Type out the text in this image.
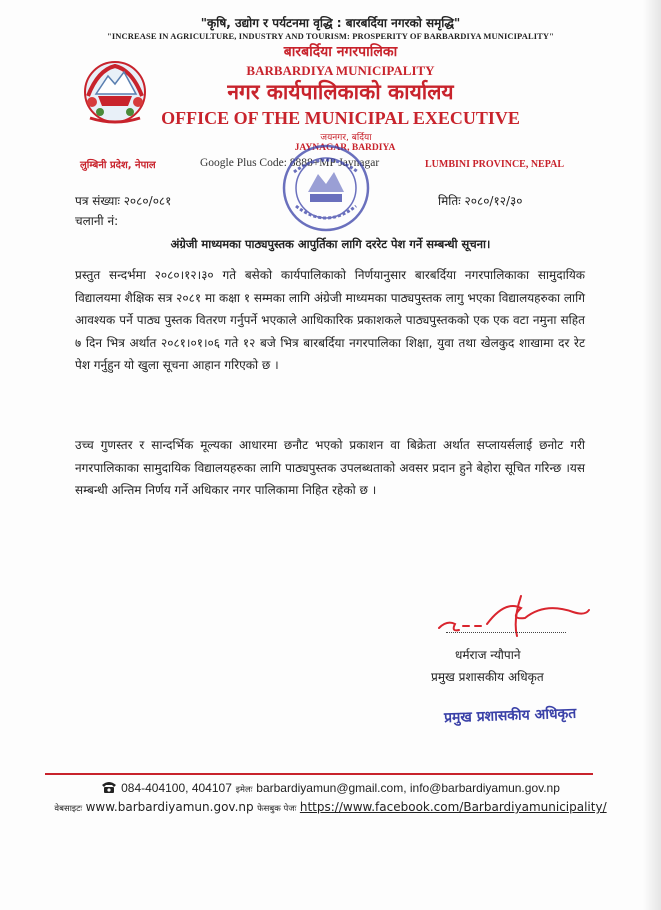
"कृषि, उद्योग र पर्यटनमा वृद्धि : बारबर्दिया नगरको समृद्धि"
"INCREASE IN AGRICULTURE, INDUSTRY AND TOURISM: PROSPERITY OF BARBARDIYA MUNICIPALITY"
बारबर्दिया नगरपालिका
BARBARDIYA MUNICIPALITY
नगर कार्यपालिकाको कार्यालय
OFFICE OF THE MUNICIPAL EXECUTIVE
जयनगर, बर्दिया
JAYNAGAR, BARDIYA
लुम्बिनी प्रदेश, नेपाल	Google Plus Code: 8888+MP Jaynagar	LUMBINI PROVINCE, NEPAL
पत्र संख्याः २०८०/०८१	मितिः २०८०/१२/३०
चलानी नं:
अंग्रेजी माध्यमका पाठ्यपुस्तक आपुर्तिका लागि दररेट पेश गर्ने सम्बन्धी सूचना।

प्रस्तुत सन्दर्भमा २०८०।१२।३० गते बसेको कार्यपालिकाको निर्णयानुसार बारबर्दिया नगरपालिकाका सामुदायिक विद्यालयमा शैक्षिक सत्र २०८१ मा कक्षा १ सम्मका लागि अंग्रेजी माध्यमका पाठ्यपुस्तक लागु भएका विद्यालयहरुका लागि आवश्यक पर्ने पाठ्य पुस्तक वितरण गर्नुपर्ने भएकाले आधिकारिक प्रकाशकले पाठ्यपुस्तकको एक एक वटा नमुना सहित ७ दिन भित्र अर्थात २०८१।०१।०६ गते १२ बजे भित्र बारबर्दिया नगरपालिका शिक्षा, युवा तथा खेलकुद शाखामा दर रेट पेश गर्नुहुन यो खुला सूचना आहान गरिएको छ ।

उच्च गुणस्तर र सान्दर्भिक मूल्यका आधारमा छनौट भएको प्रकाशन वा बिक्रेता अर्थात सप्लायर्सलाई छनोट गरी नगरपालिकाका सामुदायिक विद्यालयहरुका लागि पाठ्यपुस्तक उपलब्धताको अवसर प्रदान हुने बेहोरा सूचित गरिन्छ ।यस सम्बन्धी अन्तिम निर्णय गर्ने अधिकार नगर पालिकामा निहित रहेको छ ।

धर्मराज न्यौपाने
प्रमुख प्रशासकीय अधिकृत
प्रमुख प्रशासकीय अधिकृत
084-404100, 404107 इमेलः barbardiyamun@gmail.com, info@barbardiyamun.gov.np
वेबसाइटः www.barbardiyamun.gov.np फेसबुक पेजः https://www.facebook.com/Barbardiyamunicipality/
